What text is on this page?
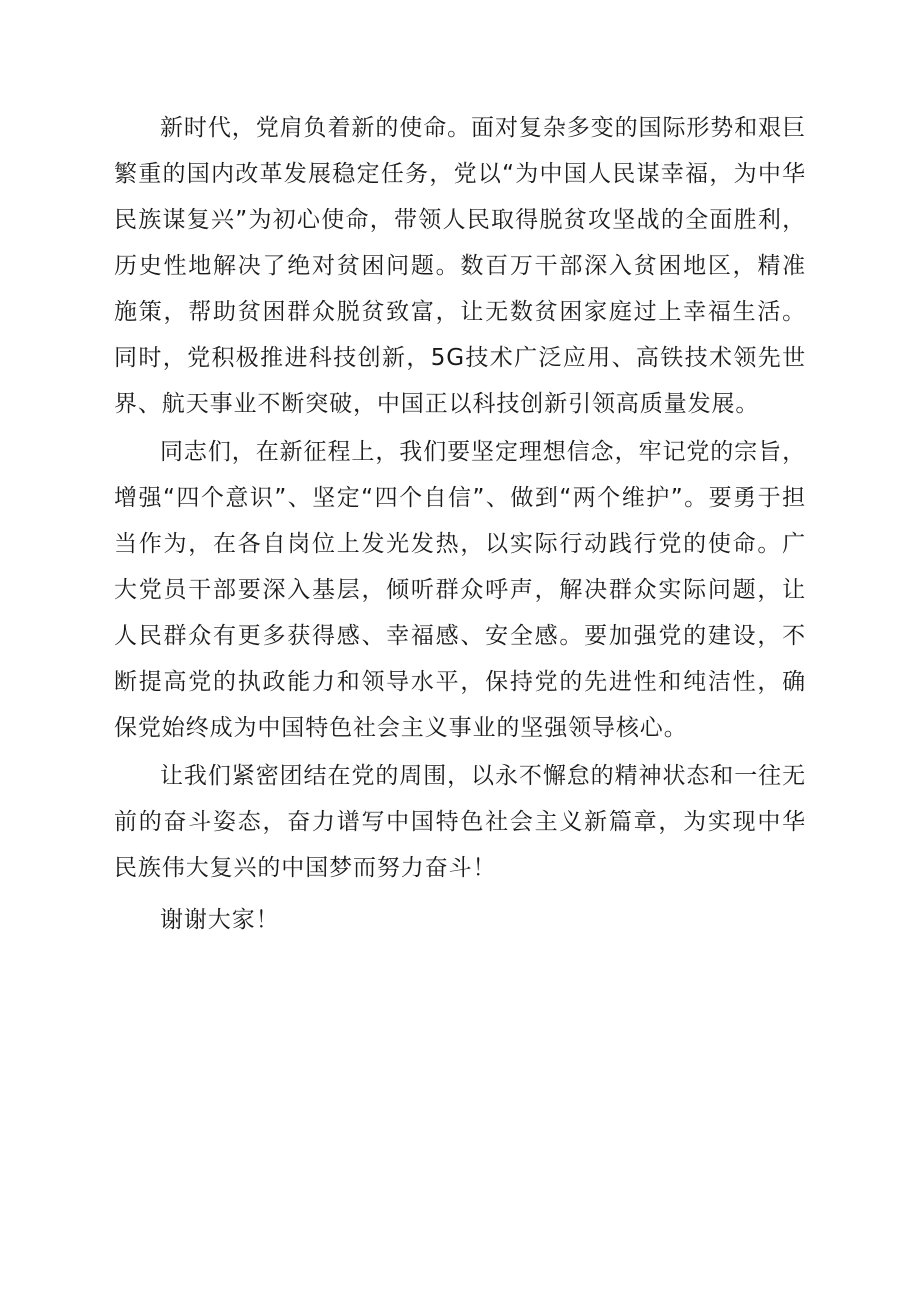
新时代，党肩负着新的使命。面对复杂多变的国际形势和艰巨繁重的国内改革发展稳定任务，党以“为中国人民谋幸福，为中华民族谋复兴”为初心使命，带领人民取得脱贫攻坚战的全面胜利，历史性地解决了绝对贫困问题。数百万干部深入贫困地区，精准施策，帮助贫困群众脱贫致富，让无数贫困家庭过上幸福生活。同时，党积极推进科技创新，5G技术广泛应用、高铁技术领先世界、航天事业不断突破，中国正以科技创新引领高质量发展。

同志们，在新征程上，我们要坚定理想信念，牢记党的宗旨，增强“四个意识”、坚定“四个自信”、做到“两个维护”。要勇于担当作为，在各自岗位上发光发热，以实际行动践行党的使命。广大党员干部要深入基层，倾听群众呼声，解决群众实际问题，让人民群众有更多获得感、幸福感、安全感。要加强党的建设，不断提高党的执政能力和领导水平，保持党的先进性和纯洁性，确保党始终成为中国特色社会主义事业的坚强领导核心。

让我们紧密团结在党的周围，以永不懈怠的精神状态和一往无前的奋斗姿态，奋力谱写中国特色社会主义新篇章，为实现中华民族伟大复兴的中国梦而努力奋斗！

谢谢大家！
